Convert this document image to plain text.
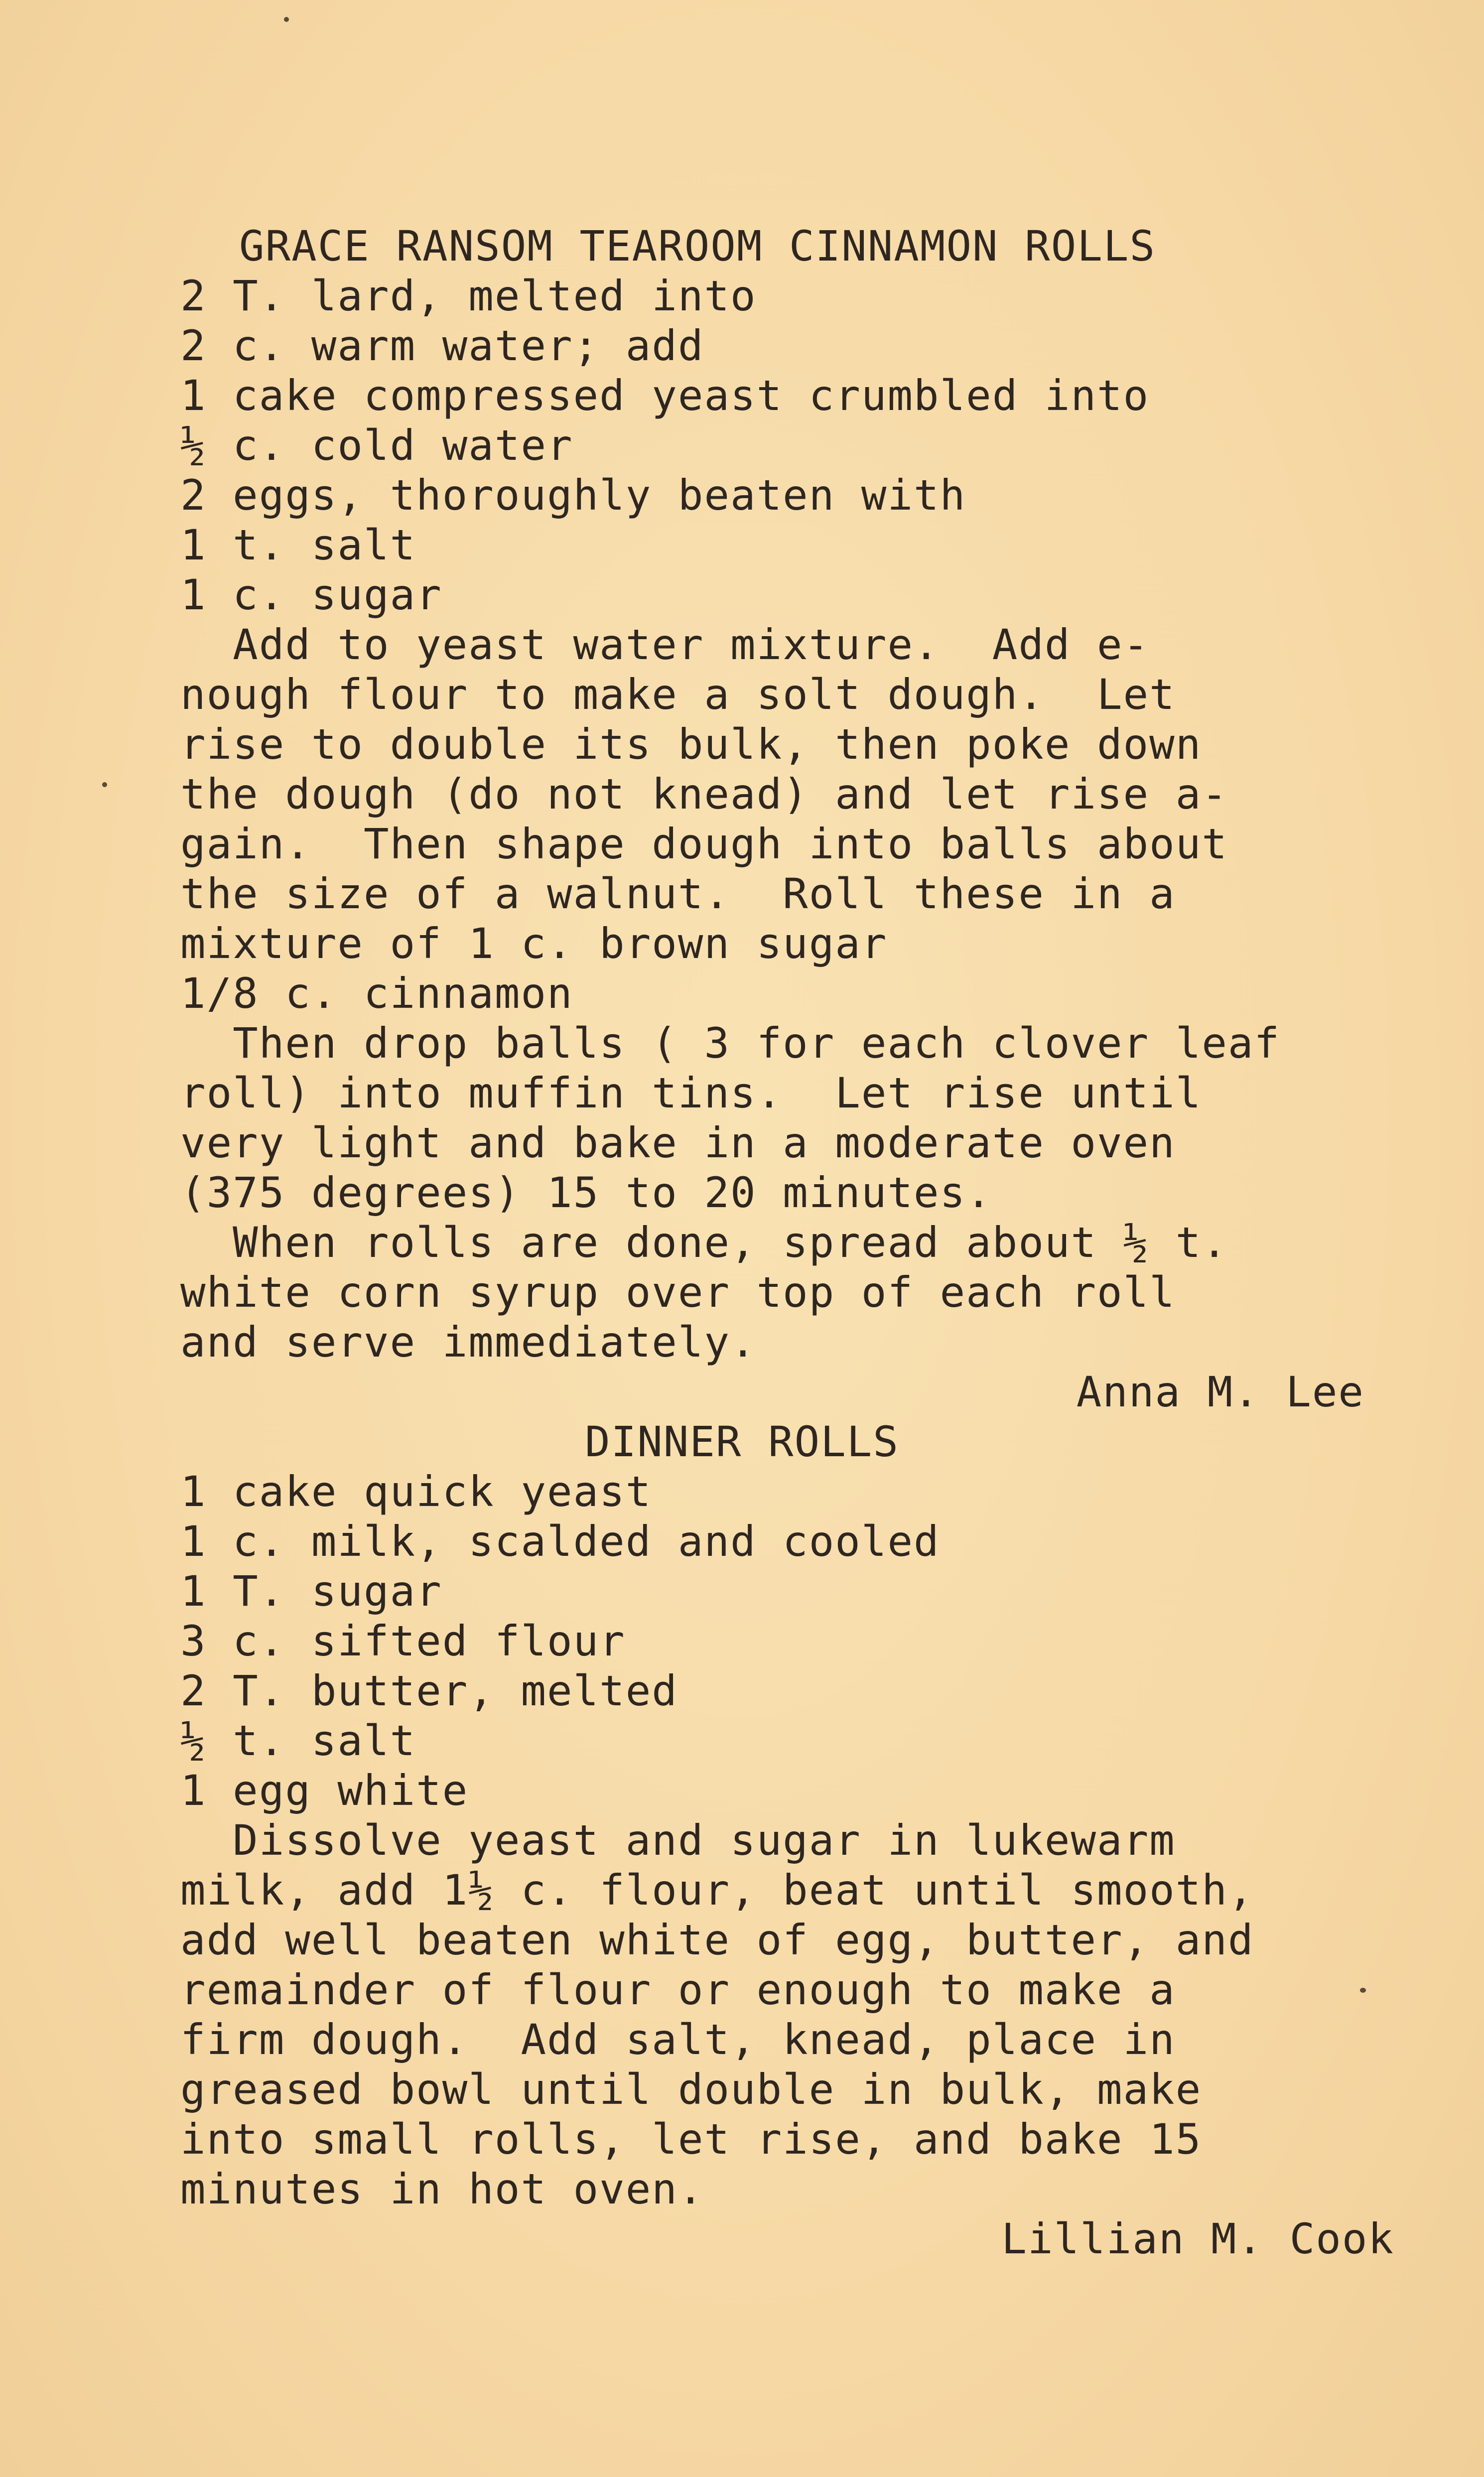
GRACE RANSOM TEAROOM CINNAMON ROLLS
2 T. lard, melted into
2 c. warm water; add
1 cake compressed yeast crumbled into
½ c. cold water
2 eggs, thoroughly beaten with
1 t. salt
1 c. sugar
Add to yeast water mixture.  Add e-
nough flour to make a solt dough.  Let
rise to double its bulk, then poke down
the dough (do not knead) and let rise a-
gain.  Then shape dough into balls about
the size of a walnut.  Roll these in a
mixture of 1 c. brown sugar
1/8 c. cinnamon
Then drop balls ( 3 for each clover leaf
roll) into muffin tins.  Let rise until
very light and bake in a moderate oven
(375 degrees) 15 to 20 minutes.
When rolls are done, spread about ½ t.
white corn syrup over top of each roll
and serve immediately.
Anna M. Lee
DINNER ROLLS
1 cake quick yeast
1 c. milk, scalded and cooled
1 T. sugar
3 c. sifted flour
2 T. butter, melted
½ t. salt
1 egg white
Dissolve yeast and sugar in lukewarm
milk, add 1½ c. flour, beat until smooth,
add well beaten white of egg, butter, and
remainder of flour or enough to make a
firm dough.  Add salt, knead, place in
greased bowl until double in bulk, make
into small rolls, let rise, and bake 15
minutes in hot oven.
Lillian M. Cook
